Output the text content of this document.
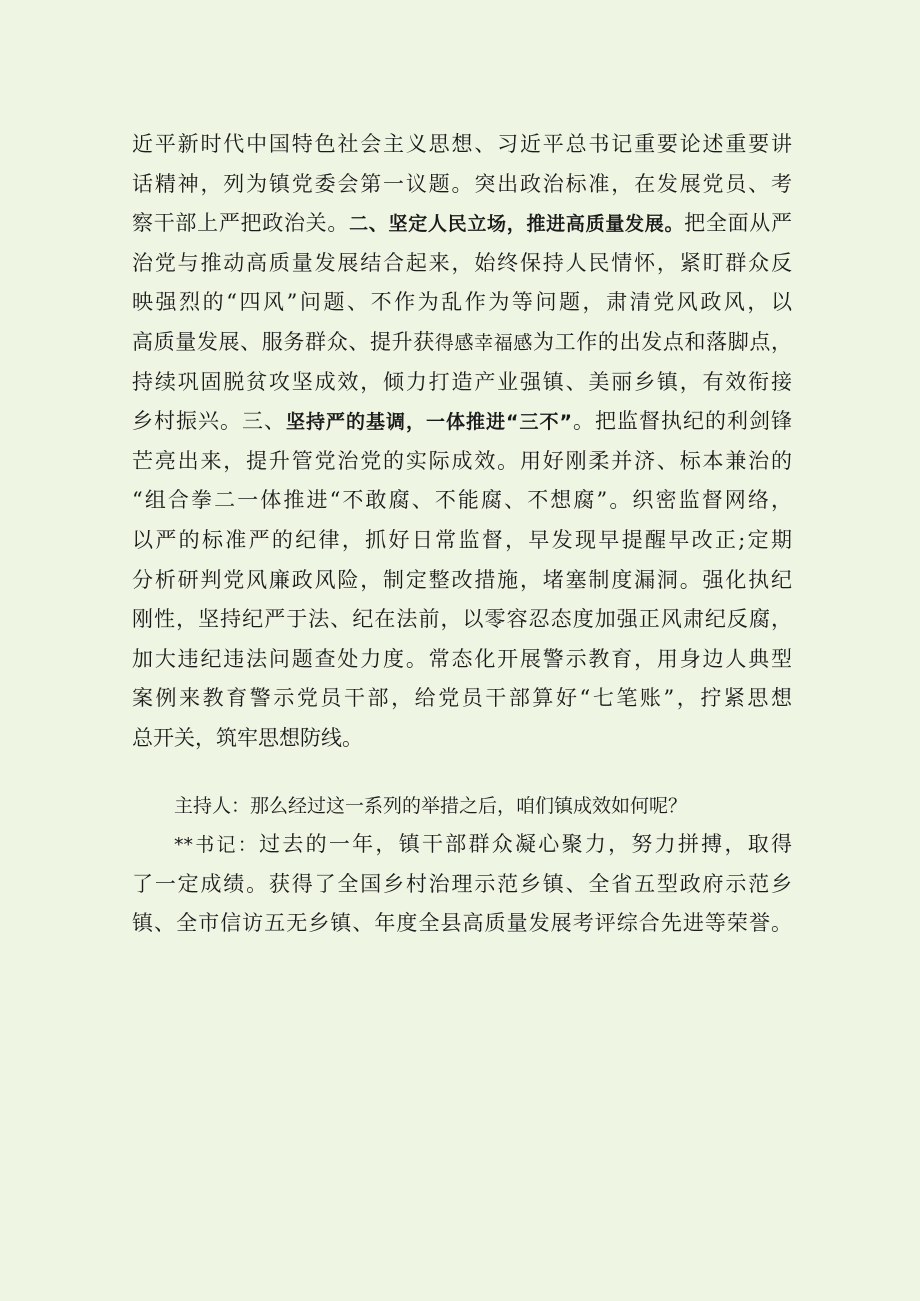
近平新时代中国特色社会主义思想、习近平总书记重要论述重要讲
话精神，列为镇党委会第一议题。突出政治标准，在发展党员、考
察干部上严把政治关。二、坚定人民立场，推进高质量发展。把全面从严
治党与推动高质量发展结合起来，始终保持人民情怀，紧盯群众反
映强烈的“四风”问题、不作为乱作为等问题，肃清党风政风，以
高质量发展、服务群众、提升获得感幸福感为工作的出发点和落脚点，
持续巩固脱贫攻坚成效，倾力打造产业强镇、美丽乡镇，有效衔接
乡村振兴。三、坚持严的基调，一体推进“三不”。把监督执纪的利剑锋
芒亮出来，提升管党治党的实际成效。用好刚柔并济、标本兼治的
“组合拳二一体推进“不敢腐、不能腐、不想腐”。织密监督网络，
以严的标准严的纪律，抓好日常监督，早发现早提醒早改正;定期
分析研判党风廉政风险，制定整改措施，堵塞制度漏洞。强化执纪
刚性，坚持纪严于法、纪在法前，以零容忍态度加强正风肃纪反腐，
加大违纪违法问题查处力度。常态化开展警示教育，用身边人典型
案例来教育警示党员干部，给党员干部算好“七笔账”，拧紧思想
总开关，筑牢思想防线。
主持人：那么经过这一系列的举措之后，咱们镇成效如何呢？
**书记：过去的一年，镇干部群众凝心聚力，努力拼搏，取得
了一定成绩。获得了全国乡村治理示范乡镇、全省五型政府示范乡
镇、全市信访五无乡镇、年度全县高质量发展考评综合先进等荣誉。
